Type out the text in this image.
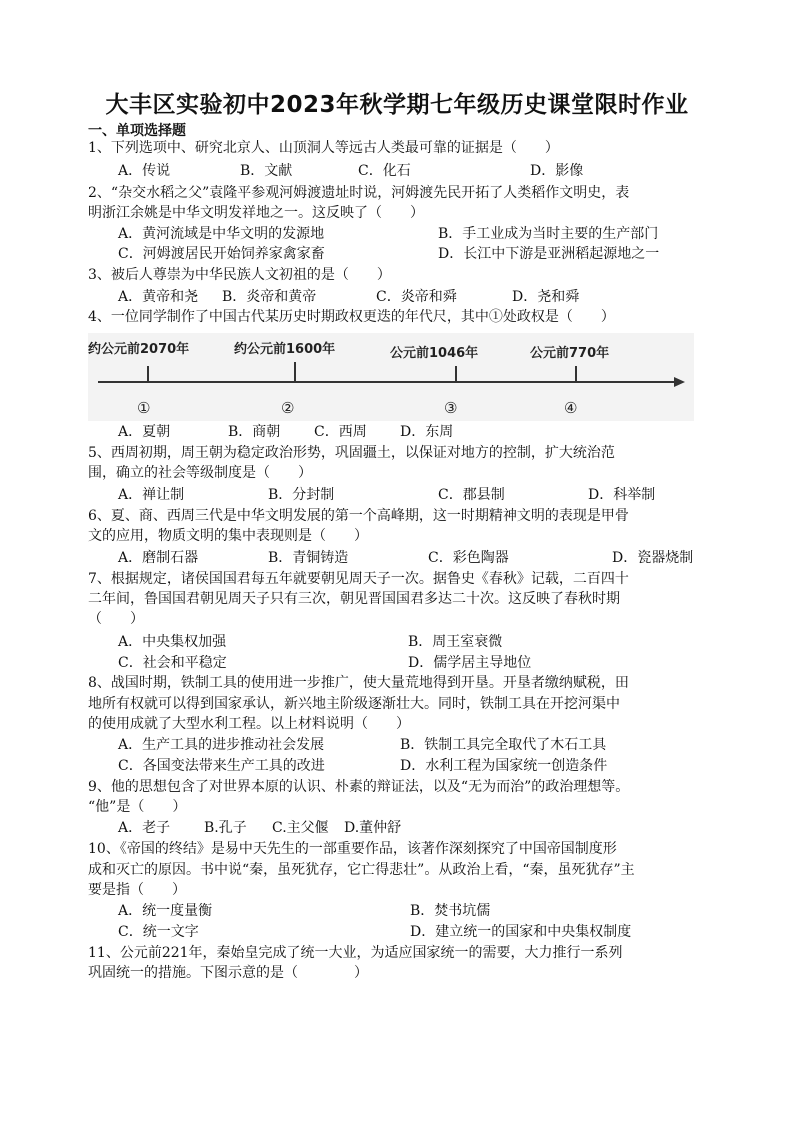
大丰区实验初中2023年秋学期七年级历史课堂限时作业
一、单项选择题
1、下列选项中、研究北京人、山顶洞人等远古人类最可靠的证据是（　　）
A．传说	B．文献	C．化石	D．影像
2、“杂交水稻之父”袁隆平参观河姆渡遗址时说，河姆渡先民开拓了人类稻作文明史，表
明浙江余姚是中华文明发祥地之一。这反映了（　　）
A．黄河流域是中华文明的发源地	B．手工业成为当时主要的生产部门
C．河姆渡居民开始饲养家禽家畜	D．长江中下游是亚洲稻起源地之一
3、被后人尊崇为中华民族人文初祖的是（　　）
A．黄帝和尧 B．炎帝和黄帝	C．炎帝和舜	D．尧和舜
4、一位同学制作了中国古代某历史时期政权更迭的年代尺，其中①处政权是（　　）
约公元前2070年	约公元前1600年	公元前1046年	公元前770年
①	②	③	④
A．夏朝	B．商朝 C．西周 D．东周
5、西周初期，周王朝为稳定政治形势，巩固疆土，以保证对地方的控制，扩大统治范
围，确立的社会等级制度是（　　）
A．禅让制	B．分封制	C．郡县制	D．科举制
6、夏、商、西周三代是中华文明发展的第一个高峰期，这一时期精神文明的表现是甲骨
文的应用，物质文明的集中表现则是（　　）
A．磨制石器	B．青铜铸造	C．彩色陶器	D．瓷器烧制
7、根据规定，诸侯国国君每五年就要朝见周天子一次。据鲁史《春秋》记载，二百四十
二年间，鲁国国君朝见周天子只有三次，朝见晋国国君多达二十次。这反映了春秋时期
（　　）
A．中央集权加强	B．周王室衰微
C．社会和平稳定	D．儒学居主导地位
8、战国时期，铁制工具的使用进一步推广，使大量荒地得到开垦。开垦者缴纳赋税，田
地所有权就可以得到国家承认，新兴地主阶级逐渐壮大。同时，铁制工具在开挖河渠中
的使用成就了大型水利工程。以上材料说明（　　）
A．生产工具的进步推动社会发展	B．铁制工具完全取代了木石工具
C．各国变法带来生产工具的改进	D．水利工程为国家统一创造条件
9、他的思想包含了对世界本原的认识、朴素的辩证法，以及“无为而治”的政治理想等。
“他”是（　　）
A．老子 B.孔子 C.主父偃 D.董仲舒
10、《帝国的终结》是易中天先生的一部重要作品，该著作深刻探究了中国帝国制度形
成和灭亡的原因。书中说“秦，虽死犹存，它亡得悲壮”。从政治上看，“秦，虽死犹存”主
要是指（　　）
A．统一度量衡	B．焚书坑儒
C．统一文字	D．建立统一的国家和中央集权制度
11、公元前221年，秦始皇完成了统一大业，为适应国家统一的需要，大力推行一系列
巩固统一的措施。下图示意的是（　　　　）
